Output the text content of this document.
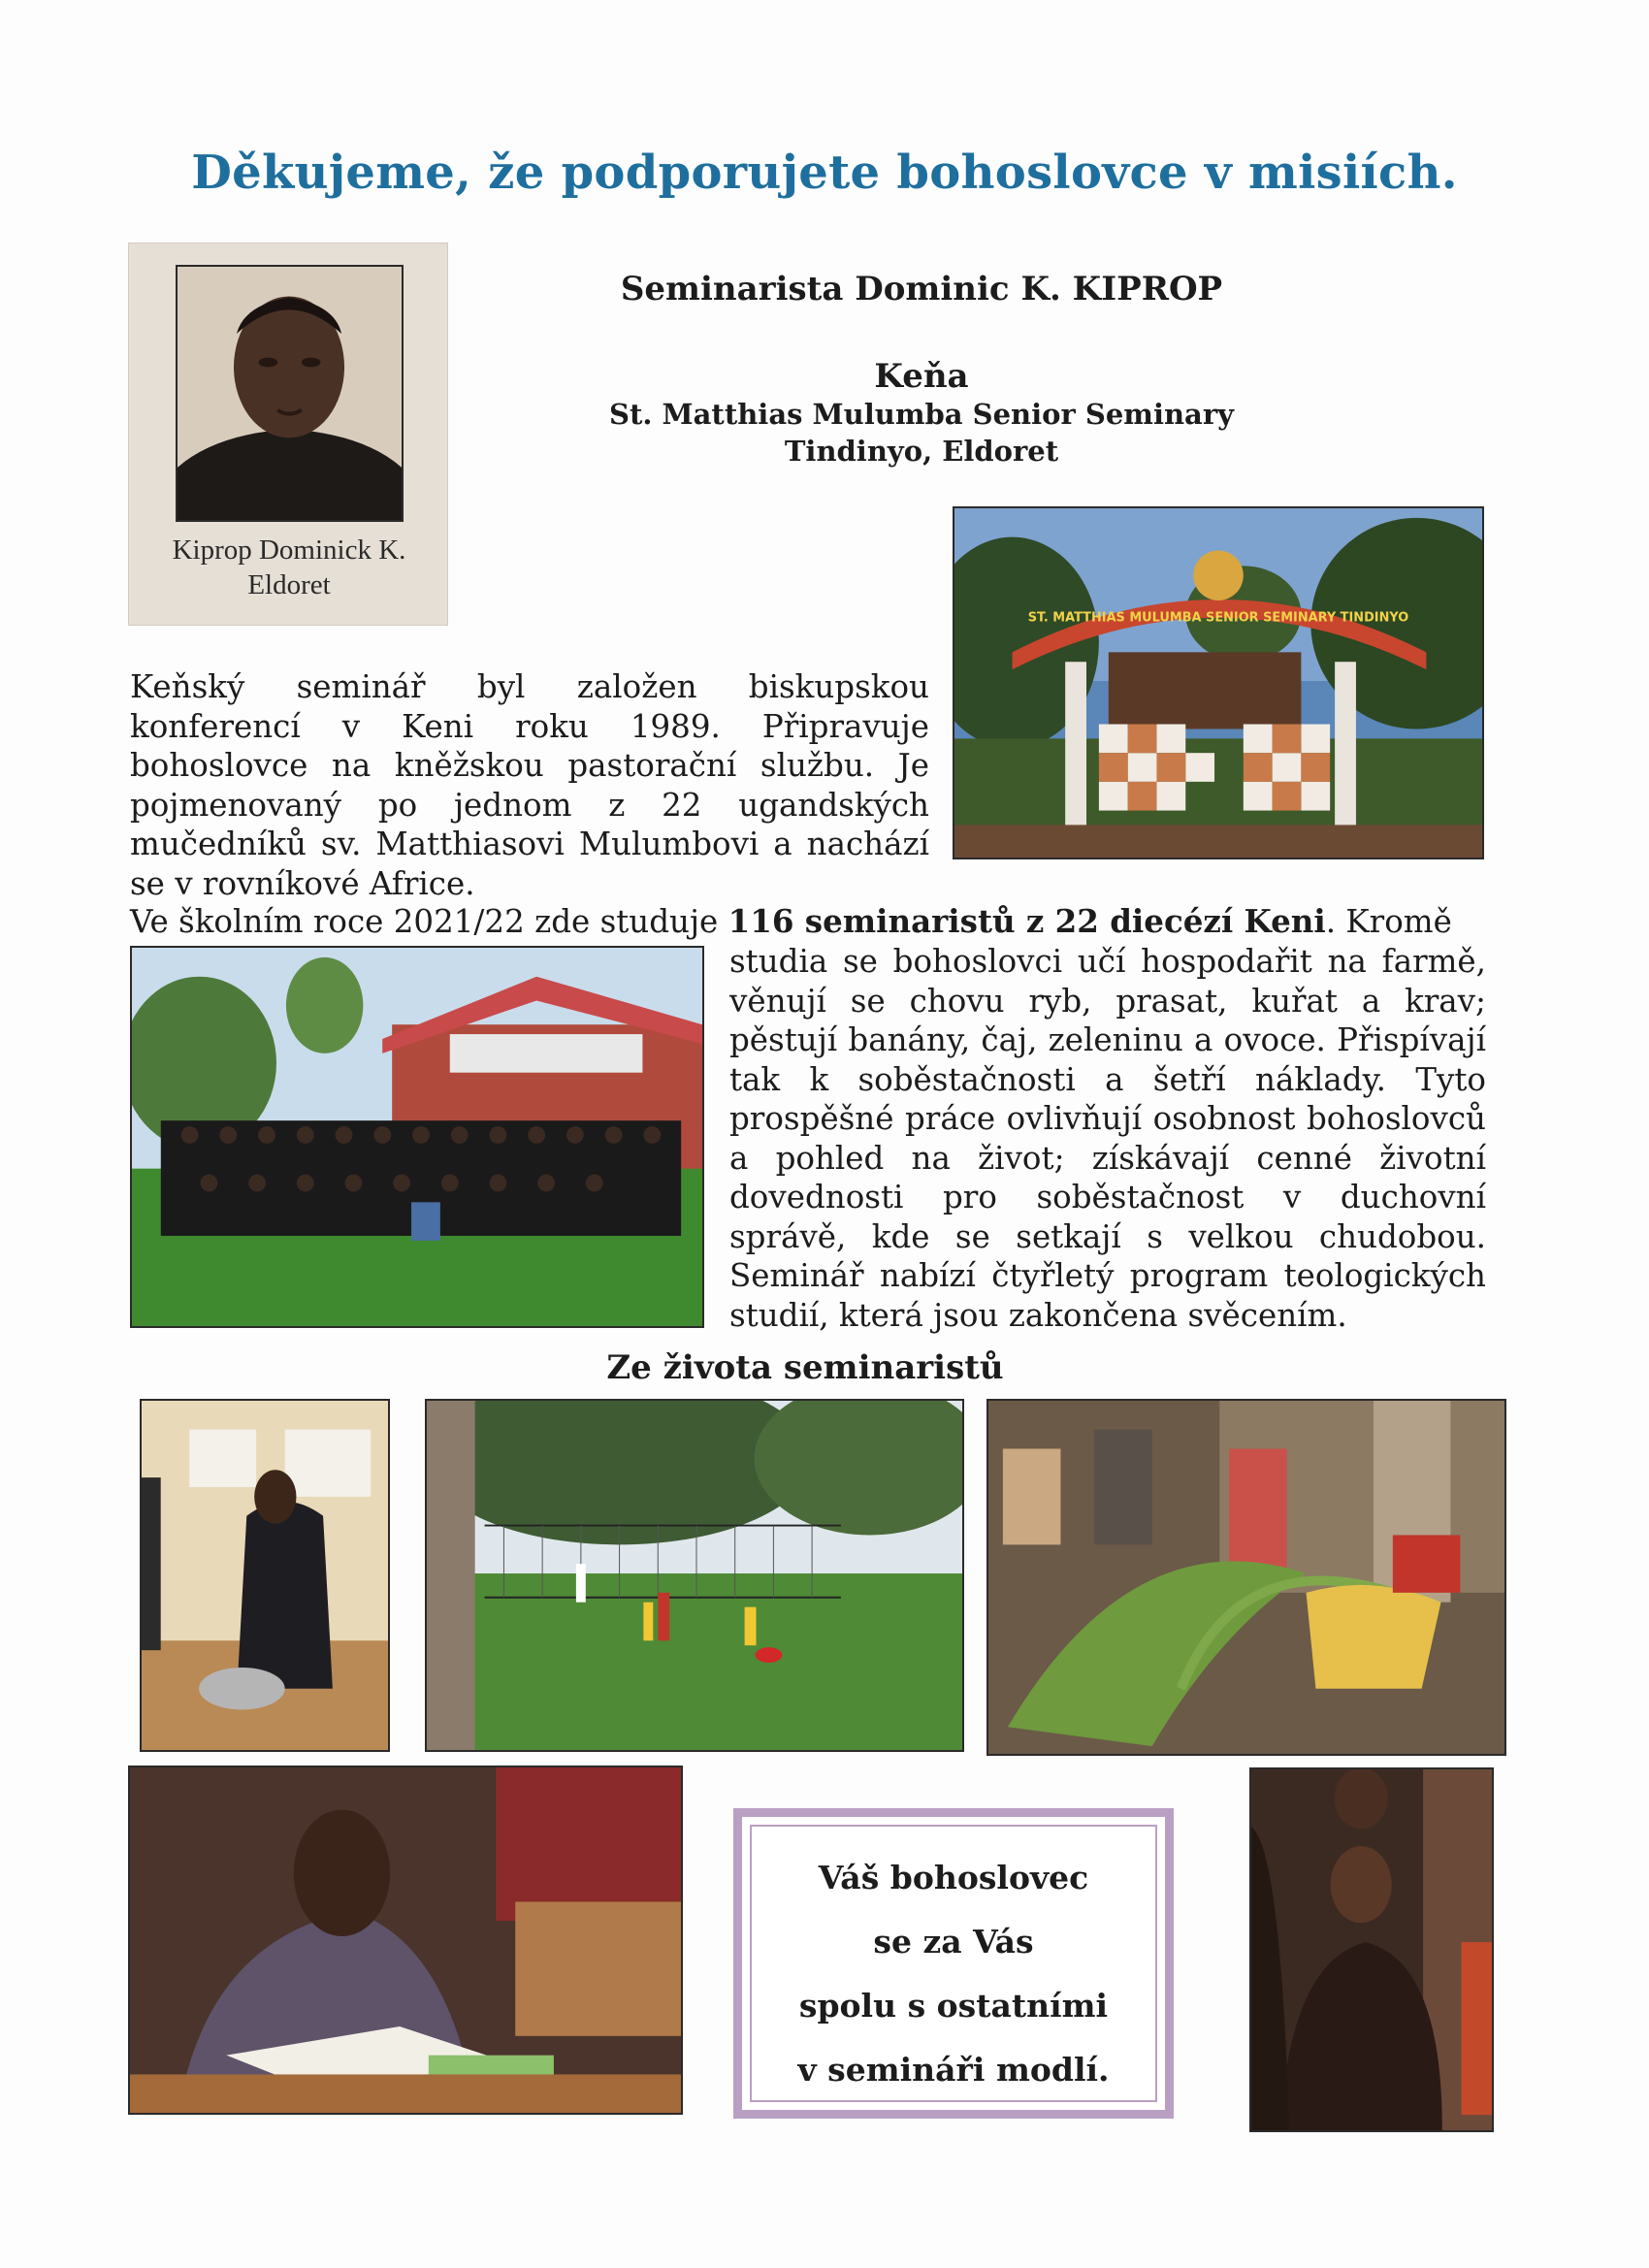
Děkujeme, že podporujete bohoslovce v misiích.
Kiprop Dominick K.
Eldoret
Seminarista Dominic K. KIPROP
Keňa
St. Matthias Mulumba Senior Seminary
Tindinyo, Eldoret
ST. MATTHIAS MULUMBA SENIOR SEMINARY TINDINYO

Keňský seminář byl založen biskupskou konferencí v Keni roku 1989. Připravuje bohoslovce na kněžskou pastorační službu. Je pojmenovaný po jednom z 22 ugandských mučedníků sv. Matthiasovi Mulumbovi a nachází se v rovníkové Africe.

Ve školním roce 2021/22 zde studuje 116 seminaristů z 22 diecézí Keni. Kromě

studia se bohoslovci učí hospodařit na farmě, věnují se chovu ryb, prasat, kuřat a krav; pěstují banány, čaj, zeleninu a ovoce. Přispívají tak k soběstačnosti a šetří náklady. Tyto prospěšné práce ovlivňují osobnost bohoslovců a pohled na život; získávají cenné životní dovednosti pro soběstačnost v duchovní správě, kde se setkají s velkou chudobou. Seminář nabízí čtyřletý program teologických studií, která jsou zakončena svěcením.

Ze života seminaristů
Váš bohoslovec
se za Vás
spolu s ostatními
v semináři modlí.
